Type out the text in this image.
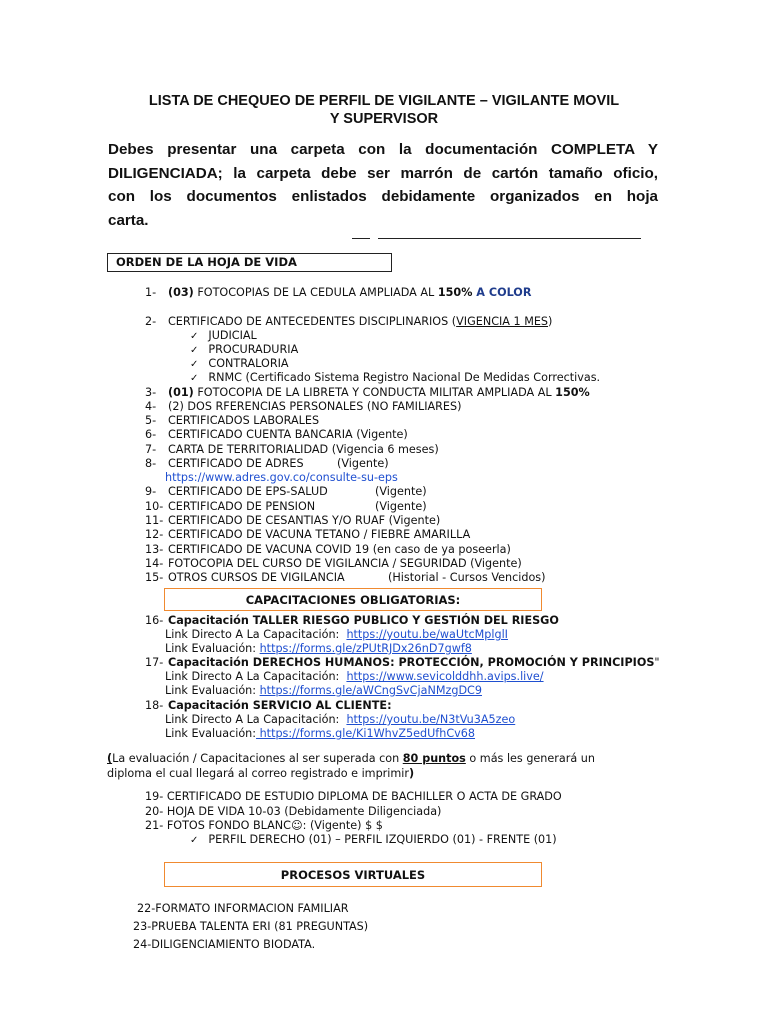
LISTA DE CHEQUEO DE PERFIL DE VIGILANTE – VIGILANTE MOVIL
Y SUPERVISOR
Debes presentar una carpeta con la documentación COMPLETA Y
DILIGENCIADA; la carpeta debe ser marrón de cartón tamaño oficio,
con los documentos enlistados debidamente organizados en hoja
carta.
ORDEN DE LA HOJA DE VIDA
1- (03) FOTOCOPIAS DE LA CEDULA AMPLIADA AL 150% A COLOR
2- CERTIFICADO DE ANTECEDENTES DISCIPLINARIOS (VIGENCIA 1 MES)
✓ JUDICIAL
✓ PROCURADURIA
✓ CONTRALORIA
✓ RNMC (Certificado Sistema Registro Nacional De Medidas Correctivas.
3- (01) FOTOCOPIA DE LA LIBRETA Y CONDUCTA MILITAR AMPLIADA AL 150%
4- (2) DOS RFERENCIAS PERSONALES (NO FAMILIARES)
5- CERTIFICADOS LABORALES
6- CERTIFICADO CUENTA BANCARIA (Vigente)
7- CARTA DE TERRITORIALIDAD (Vigencia 6 meses)
8- CERTIFICADO DE ADRES	(Vigente)
https://www.adres.gov.co/consulte-su-eps
9- CERTIFICADO DE EPS-SALUD	(Vigente)
10- CERTIFICADO DE PENSION	(Vigente)
11- CERTIFICADO DE CESANTIAS Y/O RUAF (Vigente)
12- CERTIFICADO DE VACUNA TETANO / FIEBRE AMARILLA
13- CERTIFICADO DE VACUNA COVID 19 (en caso de ya poseerla)
14- FOTOCOPIA DEL CURSO DE VIGILANCIA / SEGURIDAD (Vigente)
15- OTROS CURSOS DE VIGILANCIA	(Historial - Cursos Vencidos)
CAPACITACIONES OBLIGATORIAS:
16- Capacitación TALLER RIESGO PUBLICO Y GESTIÓN DEL RIESGO
Link Directo A La Capacitación: https://youtu.be/waUtcMplglI
Link Evaluación: https://forms.gle/zPUtRJDx26nD7gwf8
17- Capacitación DERECHOS HUMANOS: PROTECCIÓN, PROMOCIÓN Y PRINCIPIOS"
Link Directo A La Capacitación: https://www.sevicolddhh.avips.live/
Link Evaluación: https://forms.gle/aWCngSvCjaNMzgDC9
18- Capacitación SERVICIO AL CLIENTE:
Link Directo A La Capacitación: https://youtu.be/N3tVu3A5zeo
Link Evaluación: https://forms.gle/Ki1WhvZ5edUfhCv68
(La evaluación / Capacitaciones al ser superada con 80 puntos o más les generará un
diploma el cual llegará al correo registrado e imprimir)
19- CERTIFICADO DE ESTUDIO DIPLOMA DE BACHILLER O ACTA DE GRADO
20- HOJA DE VIDA 10-03 (Debidamente Diligenciada)
21- FOTOS FONDO BLANC☺: (Vigente) $ $
✓ PERFIL DERECHO (01) – PERFIL IZQUIERDO (01) - FRENTE (01)
PROCESOS VIRTUALES
22-FORMATO INFORMACION FAMILIAR
23-PRUEBA TALENTA ERI (81 PREGUNTAS)
24-DILIGENCIAMIENTO BIODATA.
